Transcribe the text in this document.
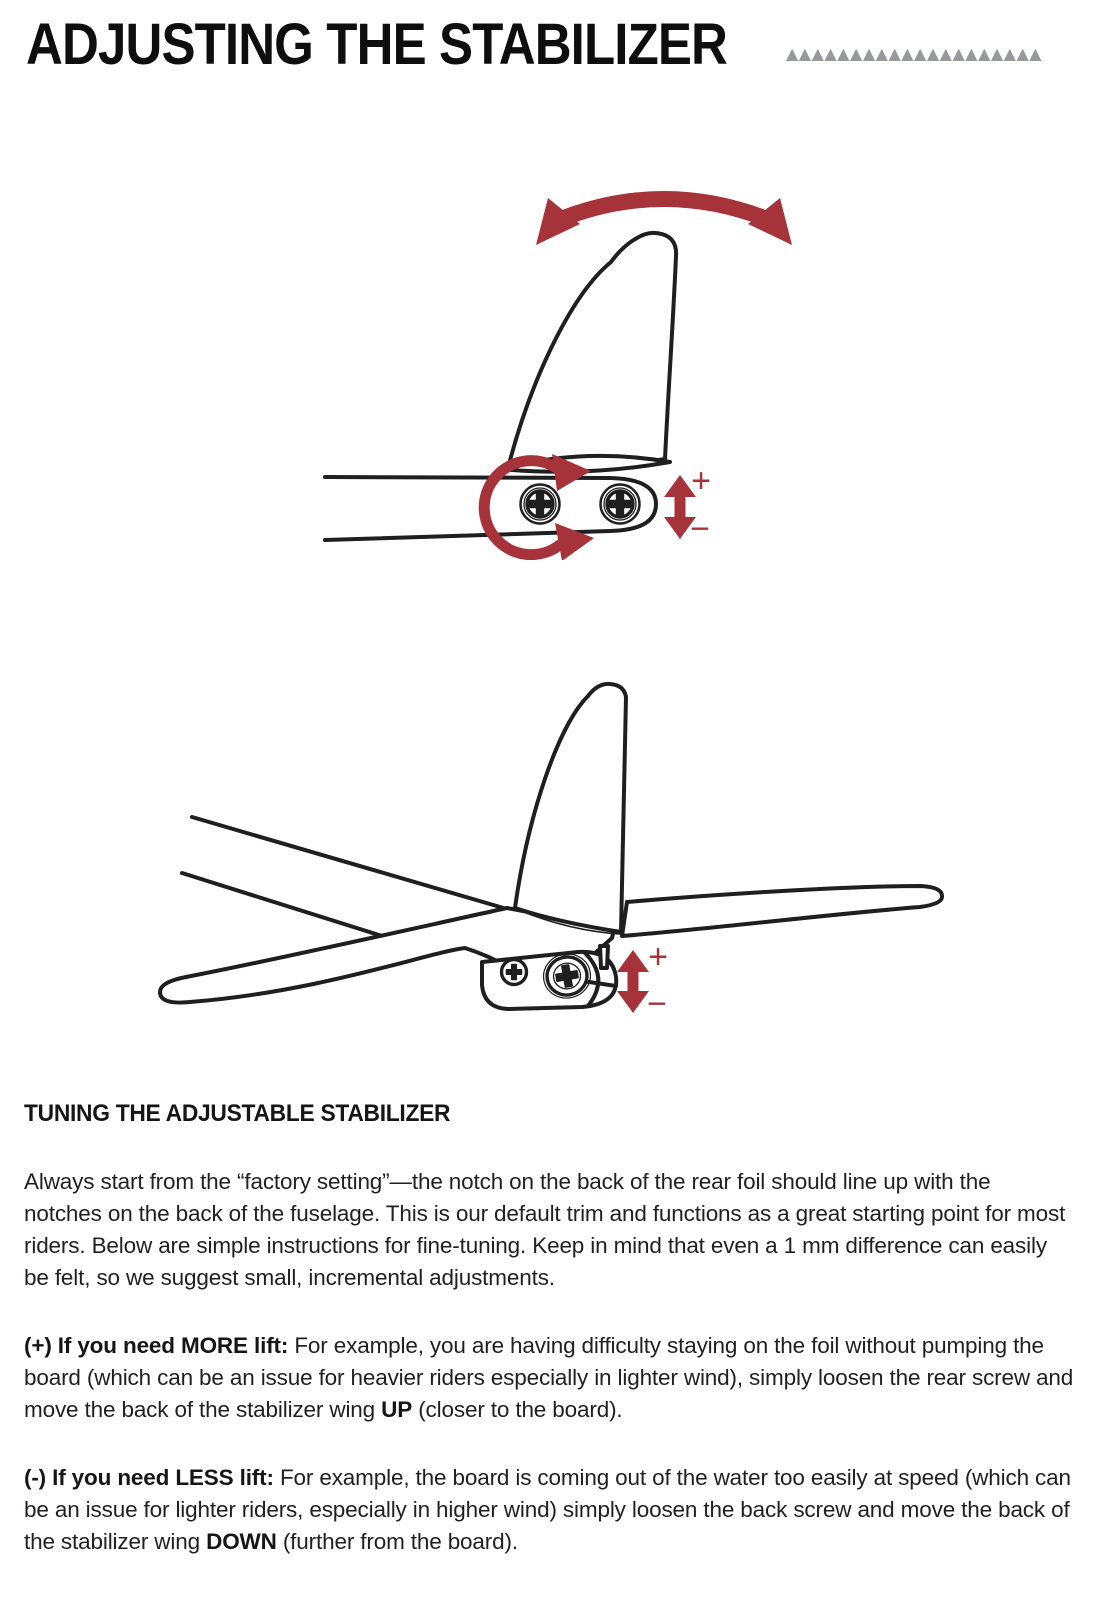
ADJUSTING THE STABILIZER	▲▲▲▲▲▲▲▲▲▲▲▲▲▲▲▲▲▲▲▲
+
−
+
−
TUNING THE ADJUSTABLE STABILIZER

Always start from the “factory setting”—the notch on the back of the rear foil should line up with the notches on the back of the fuselage. This is our default trim and functions as a great starting point for most riders. Below are simple instructions for fine-tuning. Keep in mind that even a 1 mm difference can easily be felt, so we suggest small, incremental adjustments.

(+) If you need MORE lift: For example, you are having difficulty staying on the foil without pumping the board (which can be an issue for heavier riders especially in lighter wind), simply loosen the rear screw and move the back of the stabilizer wing UP (closer to the board).

(-) If you need LESS lift: For example, the board is coming out of the water too easily at speed (which can be an issue for lighter riders, especially in higher wind) simply loosen the back screw and move the back of the stabilizer wing DOWN (further from the board).
